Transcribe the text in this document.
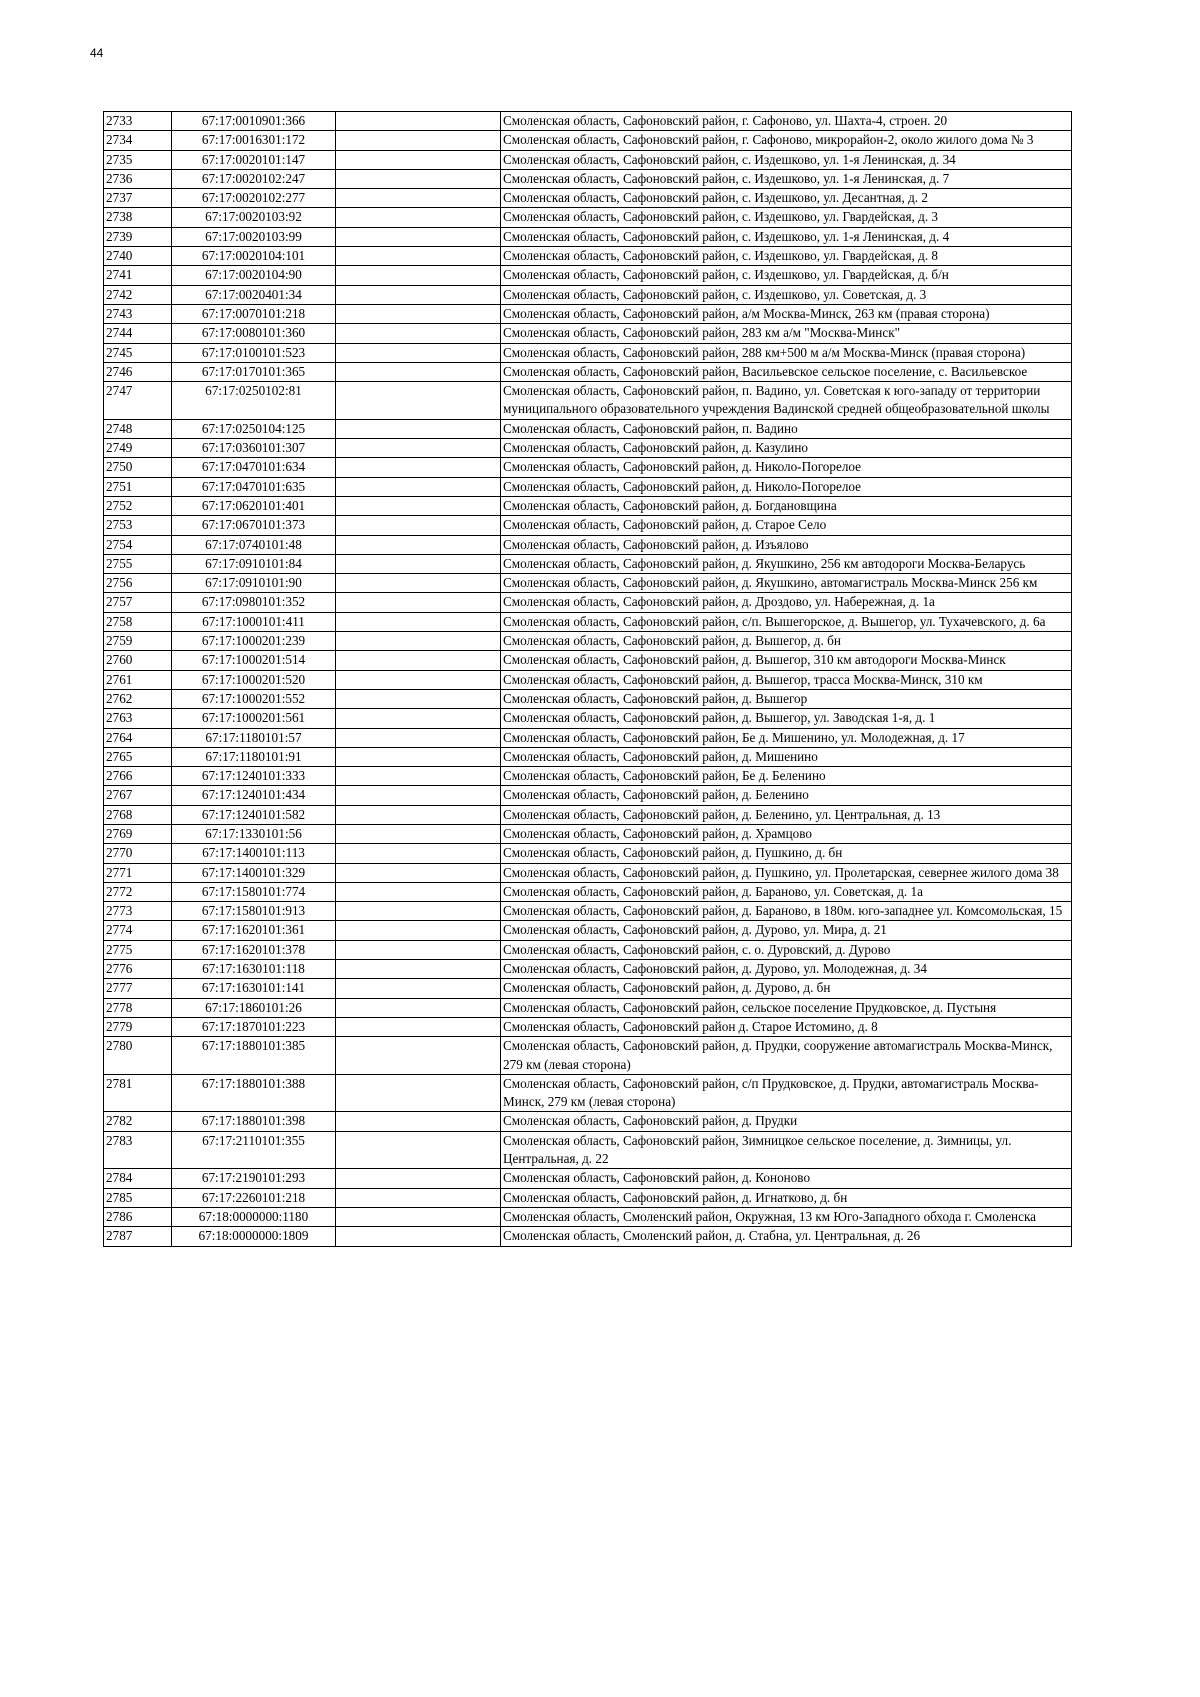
44
2733	67:17:0010901:366		Смоленская область, Сафоновский район, г. Сафоново, ул. Шахта-4, строен. 20
2734	67:17:0016301:172		Смоленская область, Сафоновский район, г. Сафоново, микрорайон-2, около жилого дома № 3
2735	67:17:0020101:147		Смоленская область, Сафоновский район, с. Издешково, ул. 1-я Ленинская, д. 34
2736	67:17:0020102:247		Смоленская область, Сафоновский район, с. Издешково, ул. 1-я Ленинская, д. 7
2737	67:17:0020102:277		Смоленская область, Сафоновский район, с. Издешково, ул. Десантная, д. 2
2738	67:17:0020103:92		Смоленская область, Сафоновский район, с. Издешково, ул. Гвардейская, д. 3
2739	67:17:0020103:99		Смоленская область, Сафоновский район, с. Издешково, ул. 1-я Ленинская, д. 4
2740	67:17:0020104:101		Смоленская область, Сафоновский район, с. Издешково, ул. Гвардейская, д. 8
2741	67:17:0020104:90		Смоленская область, Сафоновский район, с. Издешково, ул. Гвардейская, д. б/н
2742	67:17:0020401:34		Смоленская область, Сафоновский район, с. Издешково, ул. Советская, д. 3
2743	67:17:0070101:218		Смоленская область, Сафоновский район, а/м Москва-Минск, 263 км (правая сторона)
2744	67:17:0080101:360		Смоленская область, Сафоновский район, 283 км а/м "Москва-Минск"
2745	67:17:0100101:523		Смоленская область, Сафоновский район, 288 км+500 м а/м Москва-Минск (правая сторона)
2746	67:17:0170101:365		Смоленская область, Сафоновский район, Васильевское сельское поселение, с. Васильевское
2747	67:17:0250102:81		Смоленская область, Сафоновский район, п. Вадино, ул. Советская к юго-западу от территории муниципального образовательного учреждения Вадинской средней общеобразовательной школы
2748	67:17:0250104:125		Смоленская область, Сафоновский район, п. Вадино
2749	67:17:0360101:307		Смоленская область, Сафоновский район, д. Казулино
2750	67:17:0470101:634		Смоленская область, Сафоновский район, д. Николо-Погорелое
2751	67:17:0470101:635		Смоленская область, Сафоновский район, д. Николо-Погорелое
2752	67:17:0620101:401		Смоленская область, Сафоновский район, д. Богдановщина
2753	67:17:0670101:373		Смоленская область, Сафоновский район, д. Старое Село
2754	67:17:0740101:48		Смоленская область, Сафоновский район, д. Изъялово
2755	67:17:0910101:84		Смоленская область, Сафоновский район, д. Якушкино, 256 км автодороги Москва-Беларусь
2756	67:17:0910101:90		Смоленская область, Сафоновский район, д. Якушкино, автомагистраль Москва-Минск 256 км
2757	67:17:0980101:352		Смоленская область, Сафоновский район, д. Дроздово, ул. Набережная, д. 1а
2758	67:17:1000101:411		Смоленская область, Сафоновский район, с/п. Вышегорское, д. Вышегор, ул. Тухачевского, д. 6а
2759	67:17:1000201:239		Смоленская область, Сафоновский район, д. Вышегор, д. бн
2760	67:17:1000201:514		Смоленская область, Сафоновский район, д. Вышегор, 310 км автодороги Москва-Минск
2761	67:17:1000201:520		Смоленская область, Сафоновский район, д. Вышегор, трасса Москва-Минск, 310 км
2762	67:17:1000201:552		Смоленская область, Сафоновский район, д. Вышегор
2763	67:17:1000201:561		Смоленская область, Сафоновский район, д. Вышегор, ул. Заводская 1-я, д. 1
2764	67:17:1180101:57		Смоленская область, Сафоновский район, Бе д. Мишенино, ул. Молодежная, д. 17
2765	67:17:1180101:91		Смоленская область, Сафоновский район, д. Мишенино
2766	67:17:1240101:333		Смоленская область, Сафоновский район, Бе д. Беленино
2767	67:17:1240101:434		Смоленская область, Сафоновский район, д. Беленино
2768	67:17:1240101:582		Смоленская область, Сафоновский район, д. Беленино, ул. Центральная, д. 13
2769	67:17:1330101:56		Смоленская область, Сафоновский район, д. Храмцово
2770	67:17:1400101:113		Смоленская область, Сафоновский район, д. Пушкино, д. бн
2771	67:17:1400101:329		Смоленская область, Сафоновский район, д. Пушкино, ул. Пролетарская, севернее жилого дома 38
2772	67:17:1580101:774		Смоленская область, Сафоновский район, д. Бараново, ул. Советская, д. 1а
2773	67:17:1580101:913		Смоленская область, Сафоновский район, д. Бараново, в 180м. юго-западнее ул. Комсомольская, 15
2774	67:17:1620101:361		Смоленская область, Сафоновский район, д. Дурово, ул. Мира, д. 21
2775	67:17:1620101:378		Смоленская область, Сафоновский район, с. о. Дуровский, д. Дурово
2776	67:17:1630101:118		Смоленская область, Сафоновский район, д. Дурово, ул. Молодежная, д. 34
2777	67:17:1630101:141		Смоленская область, Сафоновский район, д. Дурово, д. бн
2778	67:17:1860101:26		Смоленская область, Сафоновский район, сельское поселение Прудковское, д. Пустыня
2779	67:17:1870101:223		Смоленская область, Сафоновский район д. Старое Истомино, д. 8
2780	67:17:1880101:385		Смоленская область, Сафоновский район, д. Прудки, сооружение автомагистраль Москва-Минск, 279 км (левая сторона)
2781	67:17:1880101:388		Смоленская область, Сафоновский район, с/п Прудковское, д. Прудки, автомагистраль Москва-Минск, 279 км (левая сторона)
2782	67:17:1880101:398		Смоленская область, Сафоновский район, д. Прудки
2783	67:17:2110101:355		Смоленская область, Сафоновский район, Зимницкое сельское поселение, д. Зимницы, ул. Центральная, д. 22
2784	67:17:2190101:293		Смоленская область, Сафоновский район, д. Кононово
2785	67:17:2260101:218		Смоленская область, Сафоновский район, д. Игнатково, д. бн
2786	67:18:0000000:1180		Смоленская область, Смоленский район, Окружная, 13 км Юго-Западного обхода г. Смоленска
2787	67:18:0000000:1809		Смоленская область, Смоленский район, д. Стабна, ул. Центральная, д. 26
